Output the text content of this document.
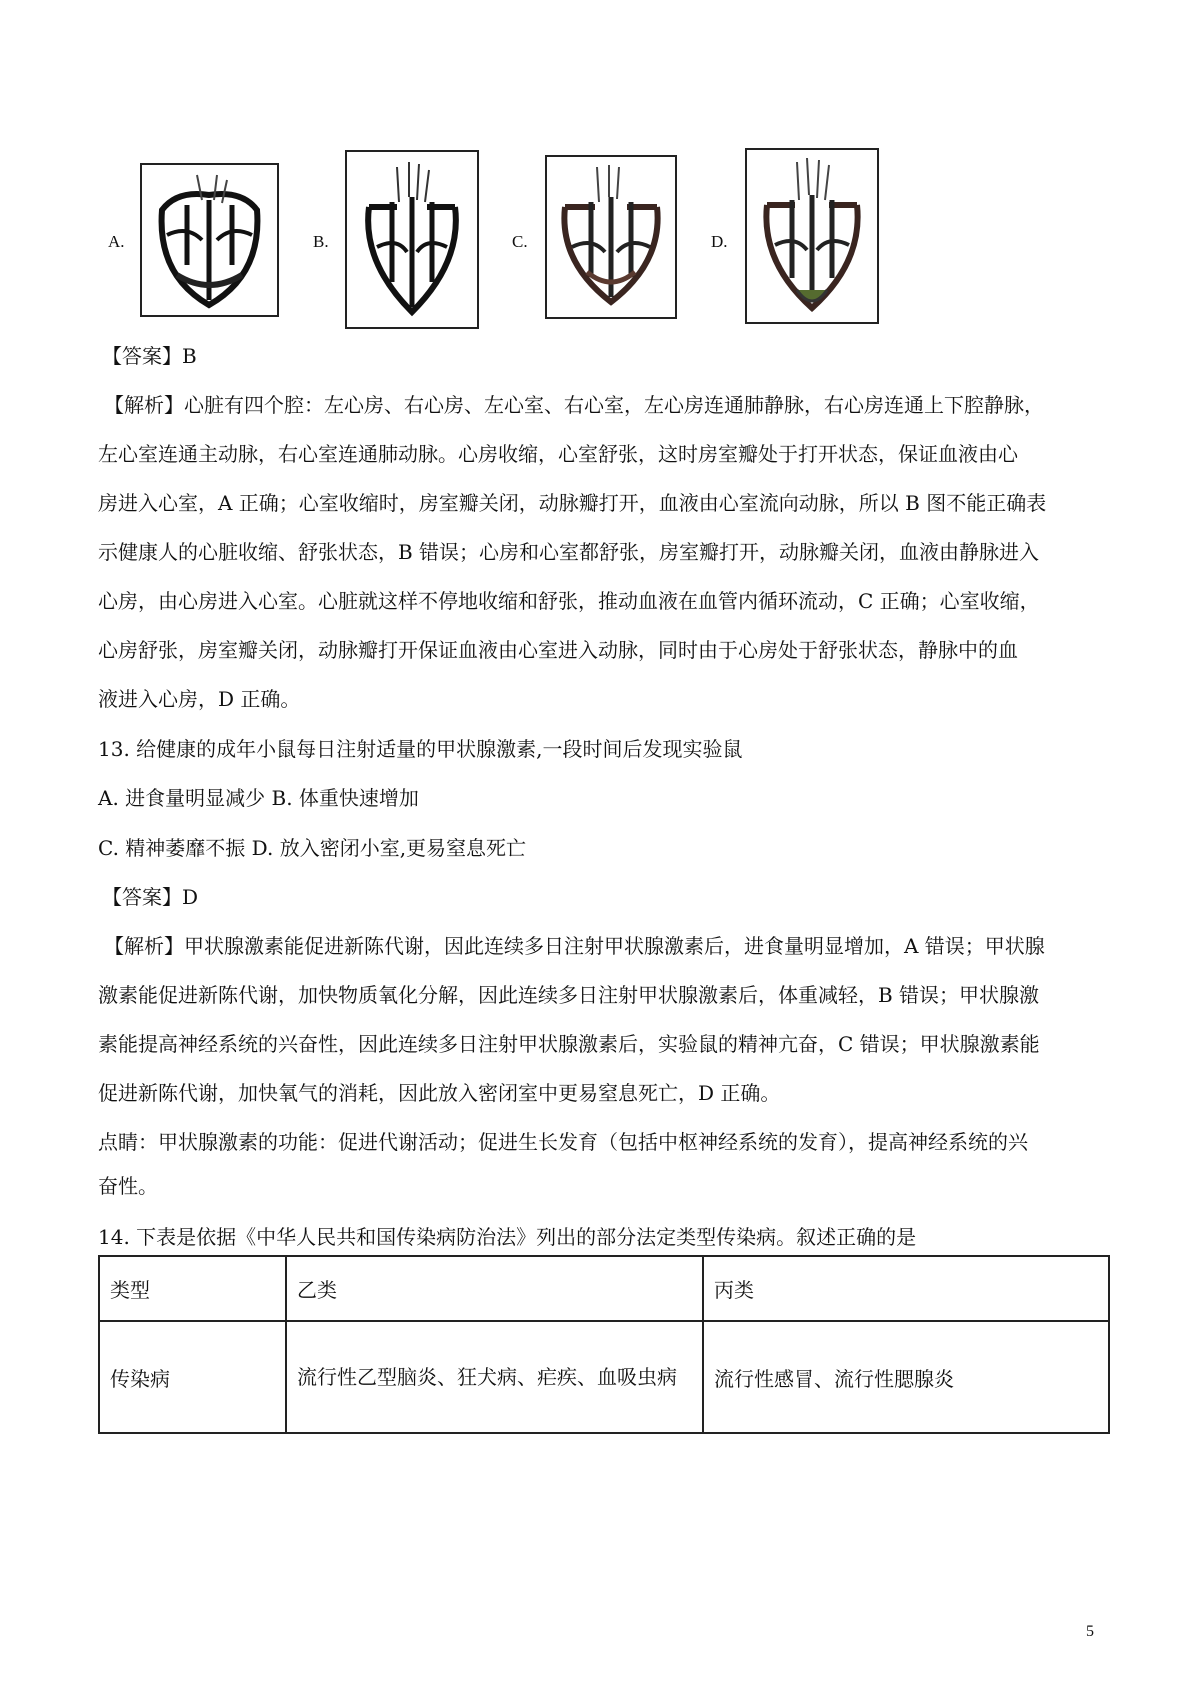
A.	B.	C.	D.
【答案】B
【解析】心脏有四个腔：左心房、右心房、左心室、右心室，左心房连通肺静脉，右心房连通上下腔静脉，
左心室连通主动脉，右心室连通肺动脉。心房收缩，心室舒张，这时房室瓣处于打开状态，保证血液由心
房进入心室，A 正确；心室收缩时，房室瓣关闭，动脉瓣打开，血液由心室流向动脉，所以 B 图不能正确表
示健康人的心脏收缩、舒张状态，B 错误；心房和心室都舒张，房室瓣打开，动脉瓣关闭，血液由静脉进入
心房，由心房进入心室。心脏就这样不停地收缩和舒张，推动血液在血管内循环流动，C 正确；心室收缩，
心房舒张，房室瓣关闭，动脉瓣打开保证血液由心室进入动脉，同时由于心房处于舒张状态，静脉中的血
液进入心房，D 正确。
13. 给健康的成年小鼠每日注射适量的甲状腺激素,一段时间后发现实验鼠
A. 进食量明显减少 B. 体重快速增加
C. 精神萎靡不振 D. 放入密闭小室,更易窒息死亡
【答案】D
【解析】甲状腺激素能促进新陈代谢，因此连续多日注射甲状腺激素后，进食量明显增加，A 错误；甲状腺
激素能促进新陈代谢，加快物质氧化分解，因此连续多日注射甲状腺激素后，体重减轻，B 错误；甲状腺激
素能提高神经系统的兴奋性，因此连续多日注射甲状腺激素后，实验鼠的精神亢奋，C 错误；甲状腺激素能
促进新陈代谢，加快氧气的消耗，因此放入密闭室中更易窒息死亡，D 正确。
点睛：甲状腺激素的功能：促进代谢活动；促进生长发育（包括中枢神经系统的发育），提高神经系统的兴
奋性。
14. 下表是依据《中华人民共和国传染病防治法》列出的部分法定类型传染病。叙述正确的是
类型	乙类	丙类
传染病	流行性乙型脑炎、狂犬病、疟疾、血吸虫病	流行性感冒、流行性腮腺炎
5
